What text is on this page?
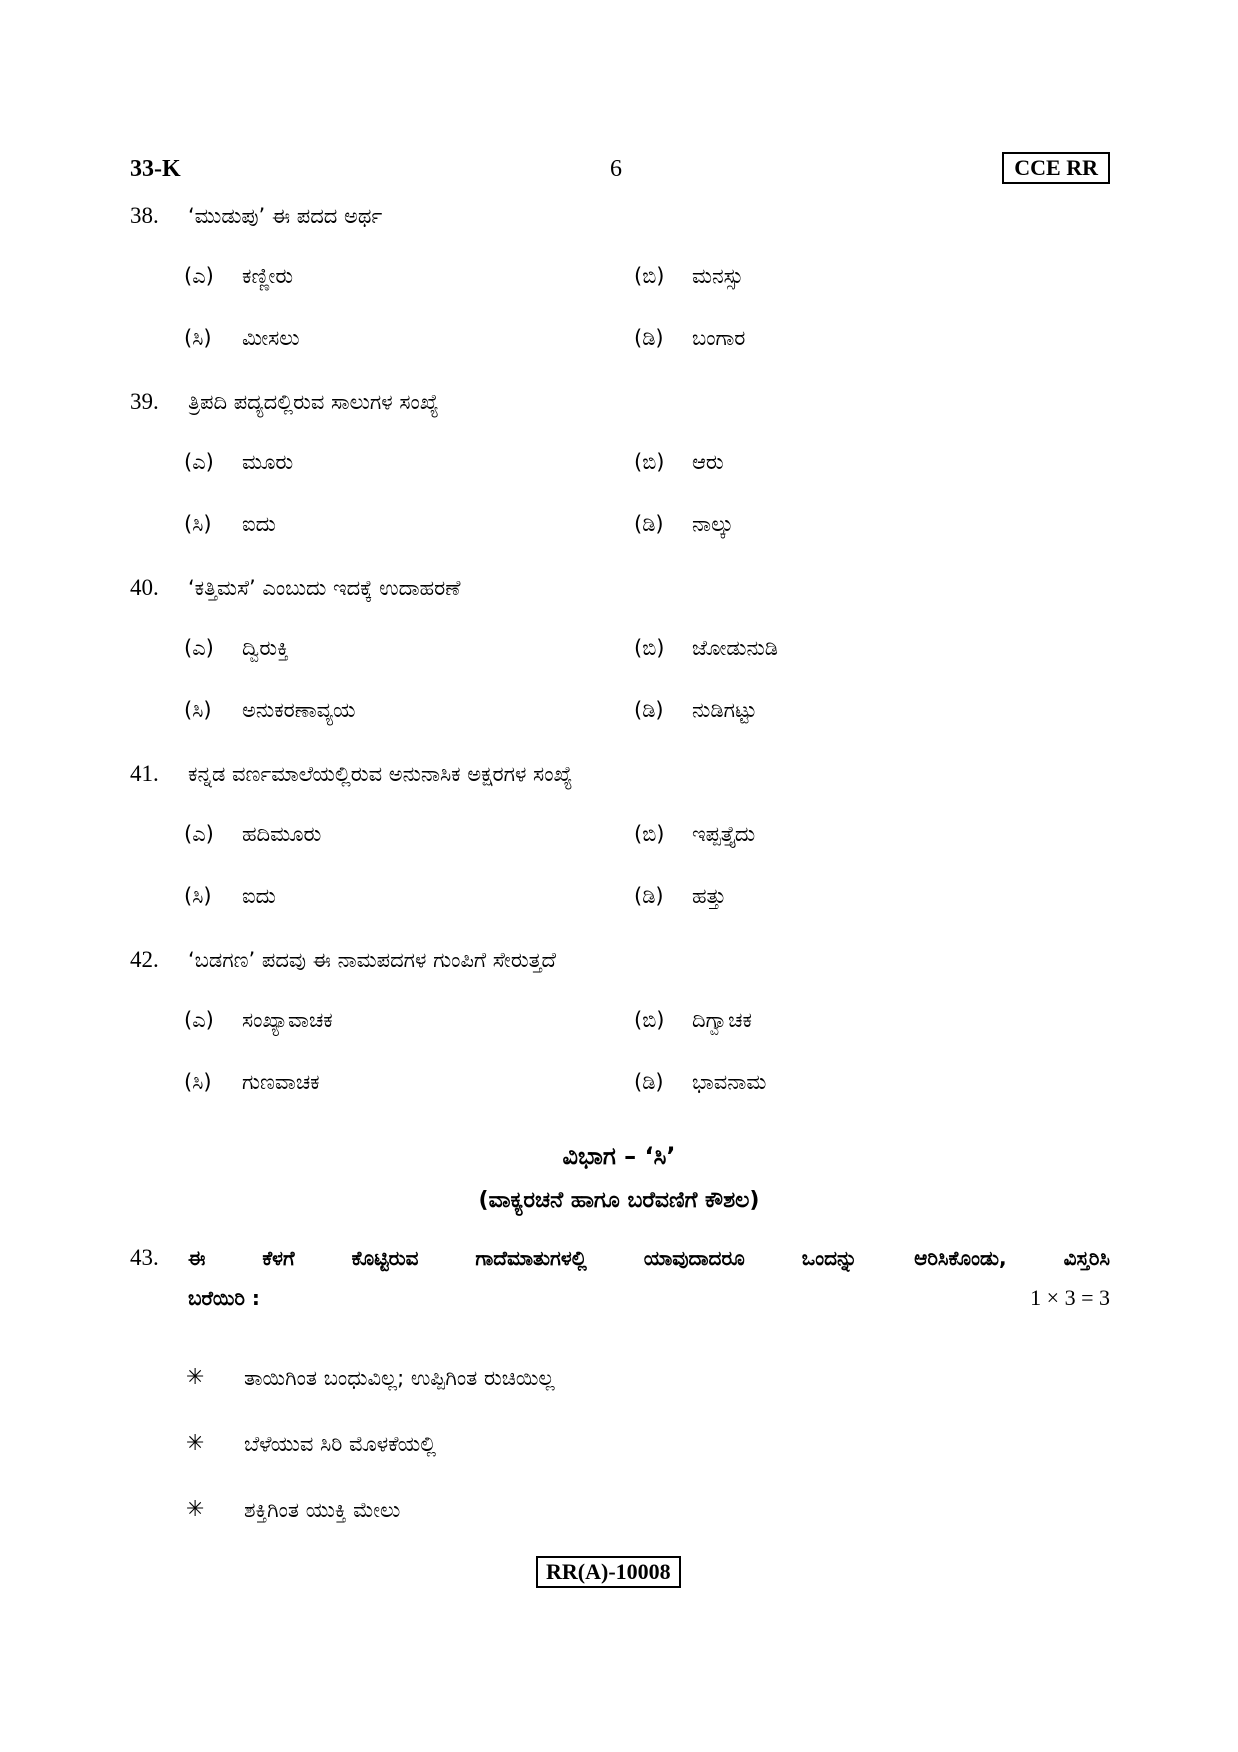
33-K	6	CCE RR
38. ‘ಮುಡುಪು’ ಈ ಪದದ ಅರ್ಥ
(ಎ) ಕಣ್ಣೀರು	(ಬಿ) ಮನಸ್ಸು
(ಸಿ) ಮೀಸಲು	(ಡಿ) ಬಂಗಾರ
39. ತ್ರಿಪದಿ ಪದ್ಯದಲ್ಲಿರುವ ಸಾಲುಗಳ ಸಂಖ್ಯೆ
(ಎ) ಮೂರು	(ಬಿ) ಆರು
(ಸಿ) ಐದು	(ಡಿ) ನಾಲ್ಕು
40. ‘ಕತ್ತಿಮಸೆ’ ಎಂಬುದು ಇದಕ್ಕೆ ಉದಾಹರಣೆ
(ಎ) ದ್ವಿರುಕ್ತಿ	(ಬಿ) ಜೋಡುನುಡಿ
(ಸಿ) ಅನುಕರಣಾವ್ಯಯ	(ಡಿ) ನುಡಿಗಟ್ಟು
41. ಕನ್ನಡ ವರ್ಣಮಾಲೆಯಲ್ಲಿರುವ ಅನುನಾಸಿಕ ಅಕ್ಷರಗಳ ಸಂಖ್ಯೆ
(ಎ) ಹದಿಮೂರು	(ಬಿ) ಇಪ್ಪತ್ತೈದು
(ಸಿ) ಐದು	(ಡಿ) ಹತ್ತು
42. ‘ಬಡಗಣ’ ಪದವು ಈ ನಾಮಪದಗಳ ಗುಂಪಿಗೆ ಸೇರುತ್ತದೆ
(ಎ) ಸಂಖ್ಯಾವಾಚಕ	(ಬಿ) ದಿಗ್ವಾಚಕ
(ಸಿ) ಗುಣವಾಚಕ	(ಡಿ) ಭಾವನಾಮ
ವಿಭಾಗ – ‘ಸಿ’
(ವಾಕ್ಯರಚನೆ ಹಾಗೂ ಬರೆವಣಿಗೆ ಕೌಶಲ)
43. ಈ ಕೆಳಗೆ ಕೊಟ್ಟಿರುವ ಗಾದೆಮಾತುಗಳಲ್ಲಿ ಯಾವುದಾದರೂ ಒಂದನ್ನು ಆರಿಸಿಕೊಂಡು, ವಿಸ್ತರಿಸಿ
ಬರೆಯಿರಿ :	1 × 3 = 3
✳ ತಾಯಿಗಿಂತ ಬಂಧುವಿಲ್ಲ; ಉಪ್ಪಿಗಿಂತ ರುಚಿಯಿಲ್ಲ
✳ ಬೆಳೆಯುವ ಸಿರಿ ಮೊಳಕೆಯಲ್ಲಿ
✳ ಶಕ್ತಿಗಿಂತ ಯುಕ್ತಿ ಮೇಲು
RR(A)-10008
